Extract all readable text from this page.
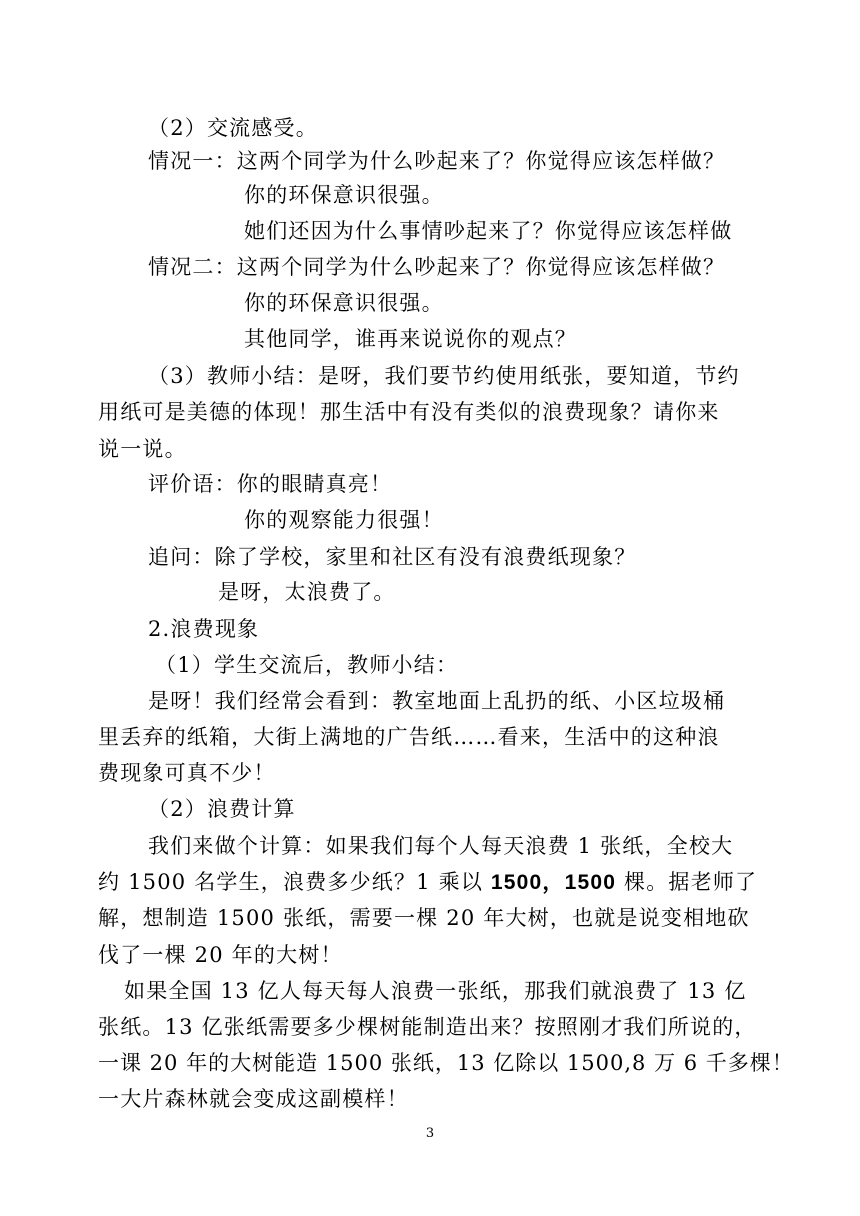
（2）交流感受。
情况一：这两个同学为什么吵起来了？你觉得应该怎样做？
你的环保意识很强。
她们还因为什么事情吵起来了？你觉得应该怎样做
情况二：这两个同学为什么吵起来了？你觉得应该怎样做？
你的环保意识很强。
其他同学，谁再来说说你的观点？
（3）教师小结：是呀，我们要节约使用纸张，要知道，节约
用纸可是美德的体现！那生活中有没有类似的浪费现象？请你来
说一说。
评价语：你的眼睛真亮！
你的观察能力很强！
追问：除了学校，家里和社区有没有浪费纸现象？
是呀，太浪费了。
2.浪费现象
（1）学生交流后，教师小结：
是呀！我们经常会看到：教室地面上乱扔的纸、小区垃圾桶
里丢弃的纸箱，大街上满地的广告纸……看来，生活中的这种浪
费现象可真不少！
（2）浪费计算
我们来做个计算：如果我们每个人每天浪费 1 张纸，全校大
约 1500 名学生，浪费多少纸？1 乘以 1500，1500 棵。据老师了
解，想制造 1500 张纸，需要一棵 20 年大树，也就是说变相地砍
伐了一棵 20 年的大树！
如果全国 13 亿人每天每人浪费一张纸，那我们就浪费了 13 亿
张纸。13 亿张纸需要多少棵树能制造出来？按照刚才我们所说的，
一课 20 年的大树能造 1500 张纸，13 亿除以 1500,8 万 6 千多棵！
一大片森林就会变成这副模样！
3
